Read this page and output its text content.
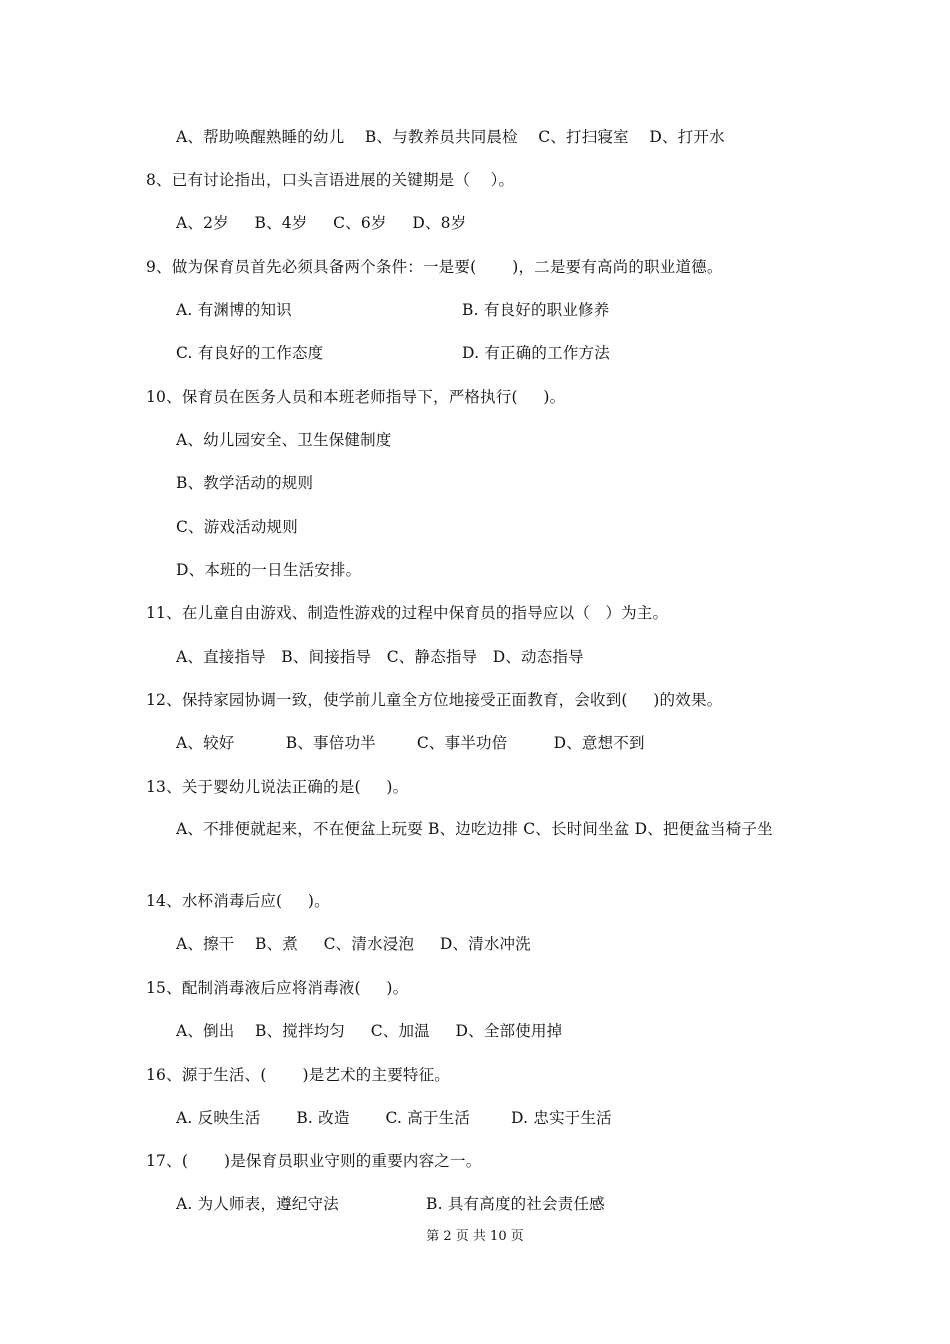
A、帮助唤醒熟睡的幼儿    B、与教养员共同晨检    C、打扫寝室    D、打开水
8、已有讨论指出，口头言语进展的关键期是（    ）。
A、2岁     B、4岁     C、6岁     D、8岁
9、做为保育员首先必须具备两个条件：一是要(       )，二是要有高尚的职业道德。
A. 有渊博的知识	B. 有良好的职业修养
C. 有良好的工作态度	D. 有正确的工作方法
10、保育员在医务人员和本班老师指导下，严格执行(     )。
A、幼儿园安全、卫生保健制度
B、教学活动的规则
C、游戏活动规则
D、本班的一日生活安排。
11、在儿童自由游戏、制造性游戏的过程中保育员的指导应以（   ）为主。
A、直接指导   B、间接指导   C、静态指导   D、动态指导
12、保持家园协调一致，使学前儿童全方位地接受正面教育，会收到(     )的效果。
A、较好          B、事倍功半        C、事半功倍         D、意想不到
13、关于婴幼儿说法正确的是(     )。
A、不排便就起来，不在便盆上玩耍 B、边吃边排 C、长时间坐盆 D、把便盆当椅子坐
14、水杯消毒后应(     )。
A、擦干    B、煮     C、清水浸泡     D、清水冲洗
15、配制消毒液后应将消毒液(     )。
A、倒出    B、搅拌均匀     C、加温     D、全部使用掉
16、源于生活、(       )是艺术的主要特征。
A. 反映生活       B. 改造       C. 高于生活        D. 忠实于生活
17、(       )是保育员职业守则的重要内容之一。
A. 为人师表，遵纪守法	B. 具有高度的社会责任感
第 2 页 共 10 页
